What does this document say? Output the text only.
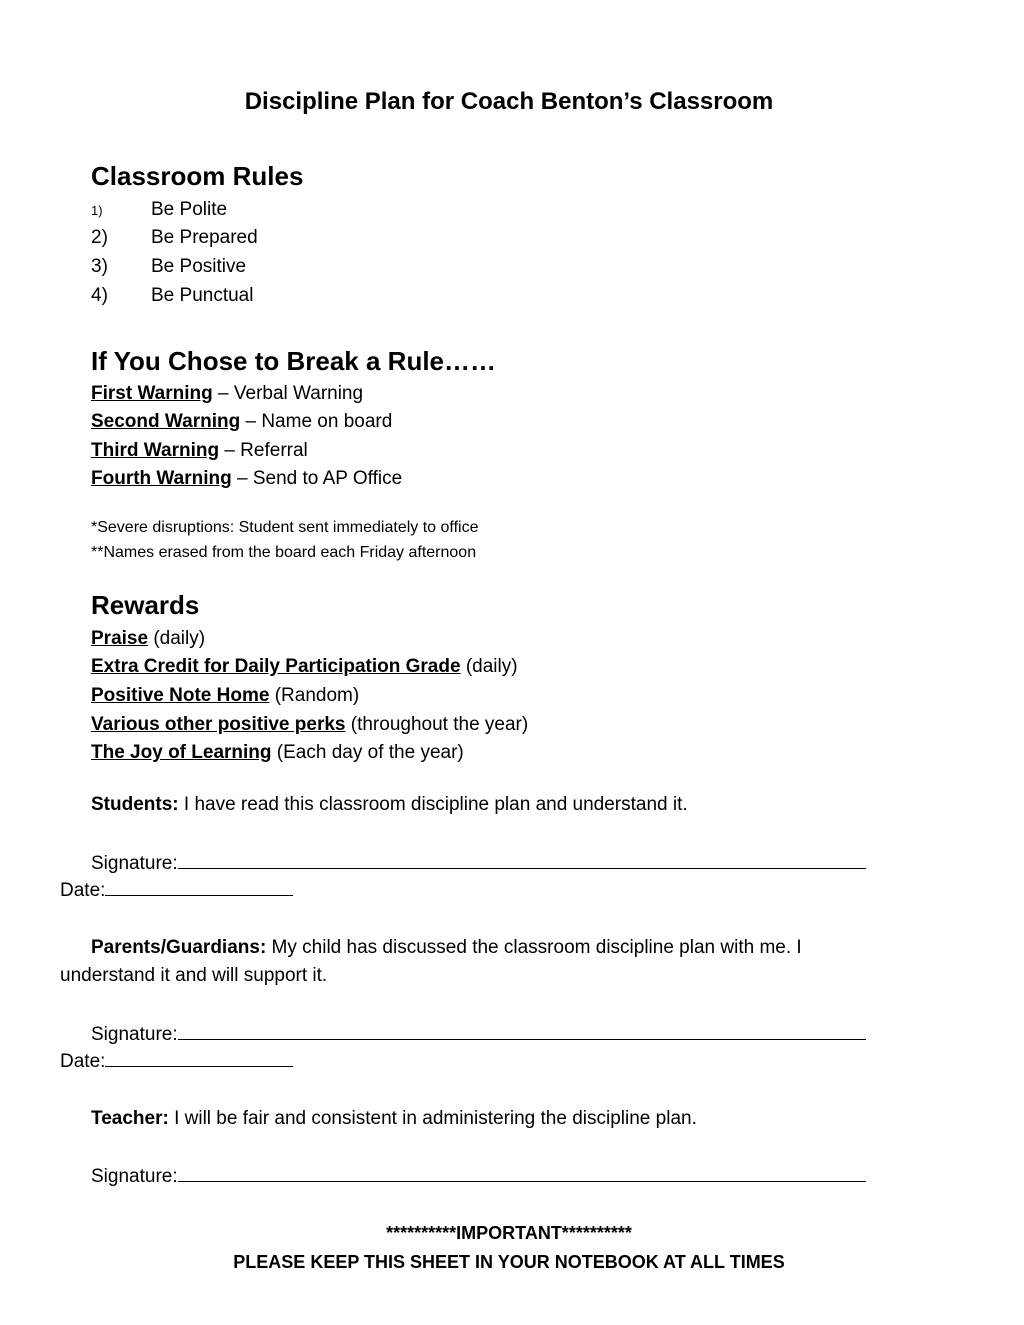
Discipline Plan for Coach Benton’s Classroom
Classroom Rules
1)	Be Polite
2) Be Prepared
3) Be Positive
4) Be Punctual
If You Chose to Break a Rule……
First Warning – Verbal Warning
Second Warning – Name on board
Third Warning – Referral
Fourth Warning – Send to AP Office
*Severe disruptions: Student sent immediately to office
**Names erased from the board each Friday afternoon
Rewards
Praise (daily)
Extra Credit for Daily Participation Grade (daily)
Positive Note Home (Random)
Various other positive perks (throughout the year)
The Joy of Learning (Each day of the year)
Students: I have read this classroom discipline plan and understand it.
Signature:
Date:
Parents/Guardians: My child has discussed the classroom discipline plan with me. I
understand it and will support it.
Signature:
Date:
Teacher: I will be fair and consistent in administering the discipline plan.
Signature:
**********IMPORTANT**********
PLEASE KEEP THIS SHEET IN YOUR NOTEBOOK AT ALL TIMES
